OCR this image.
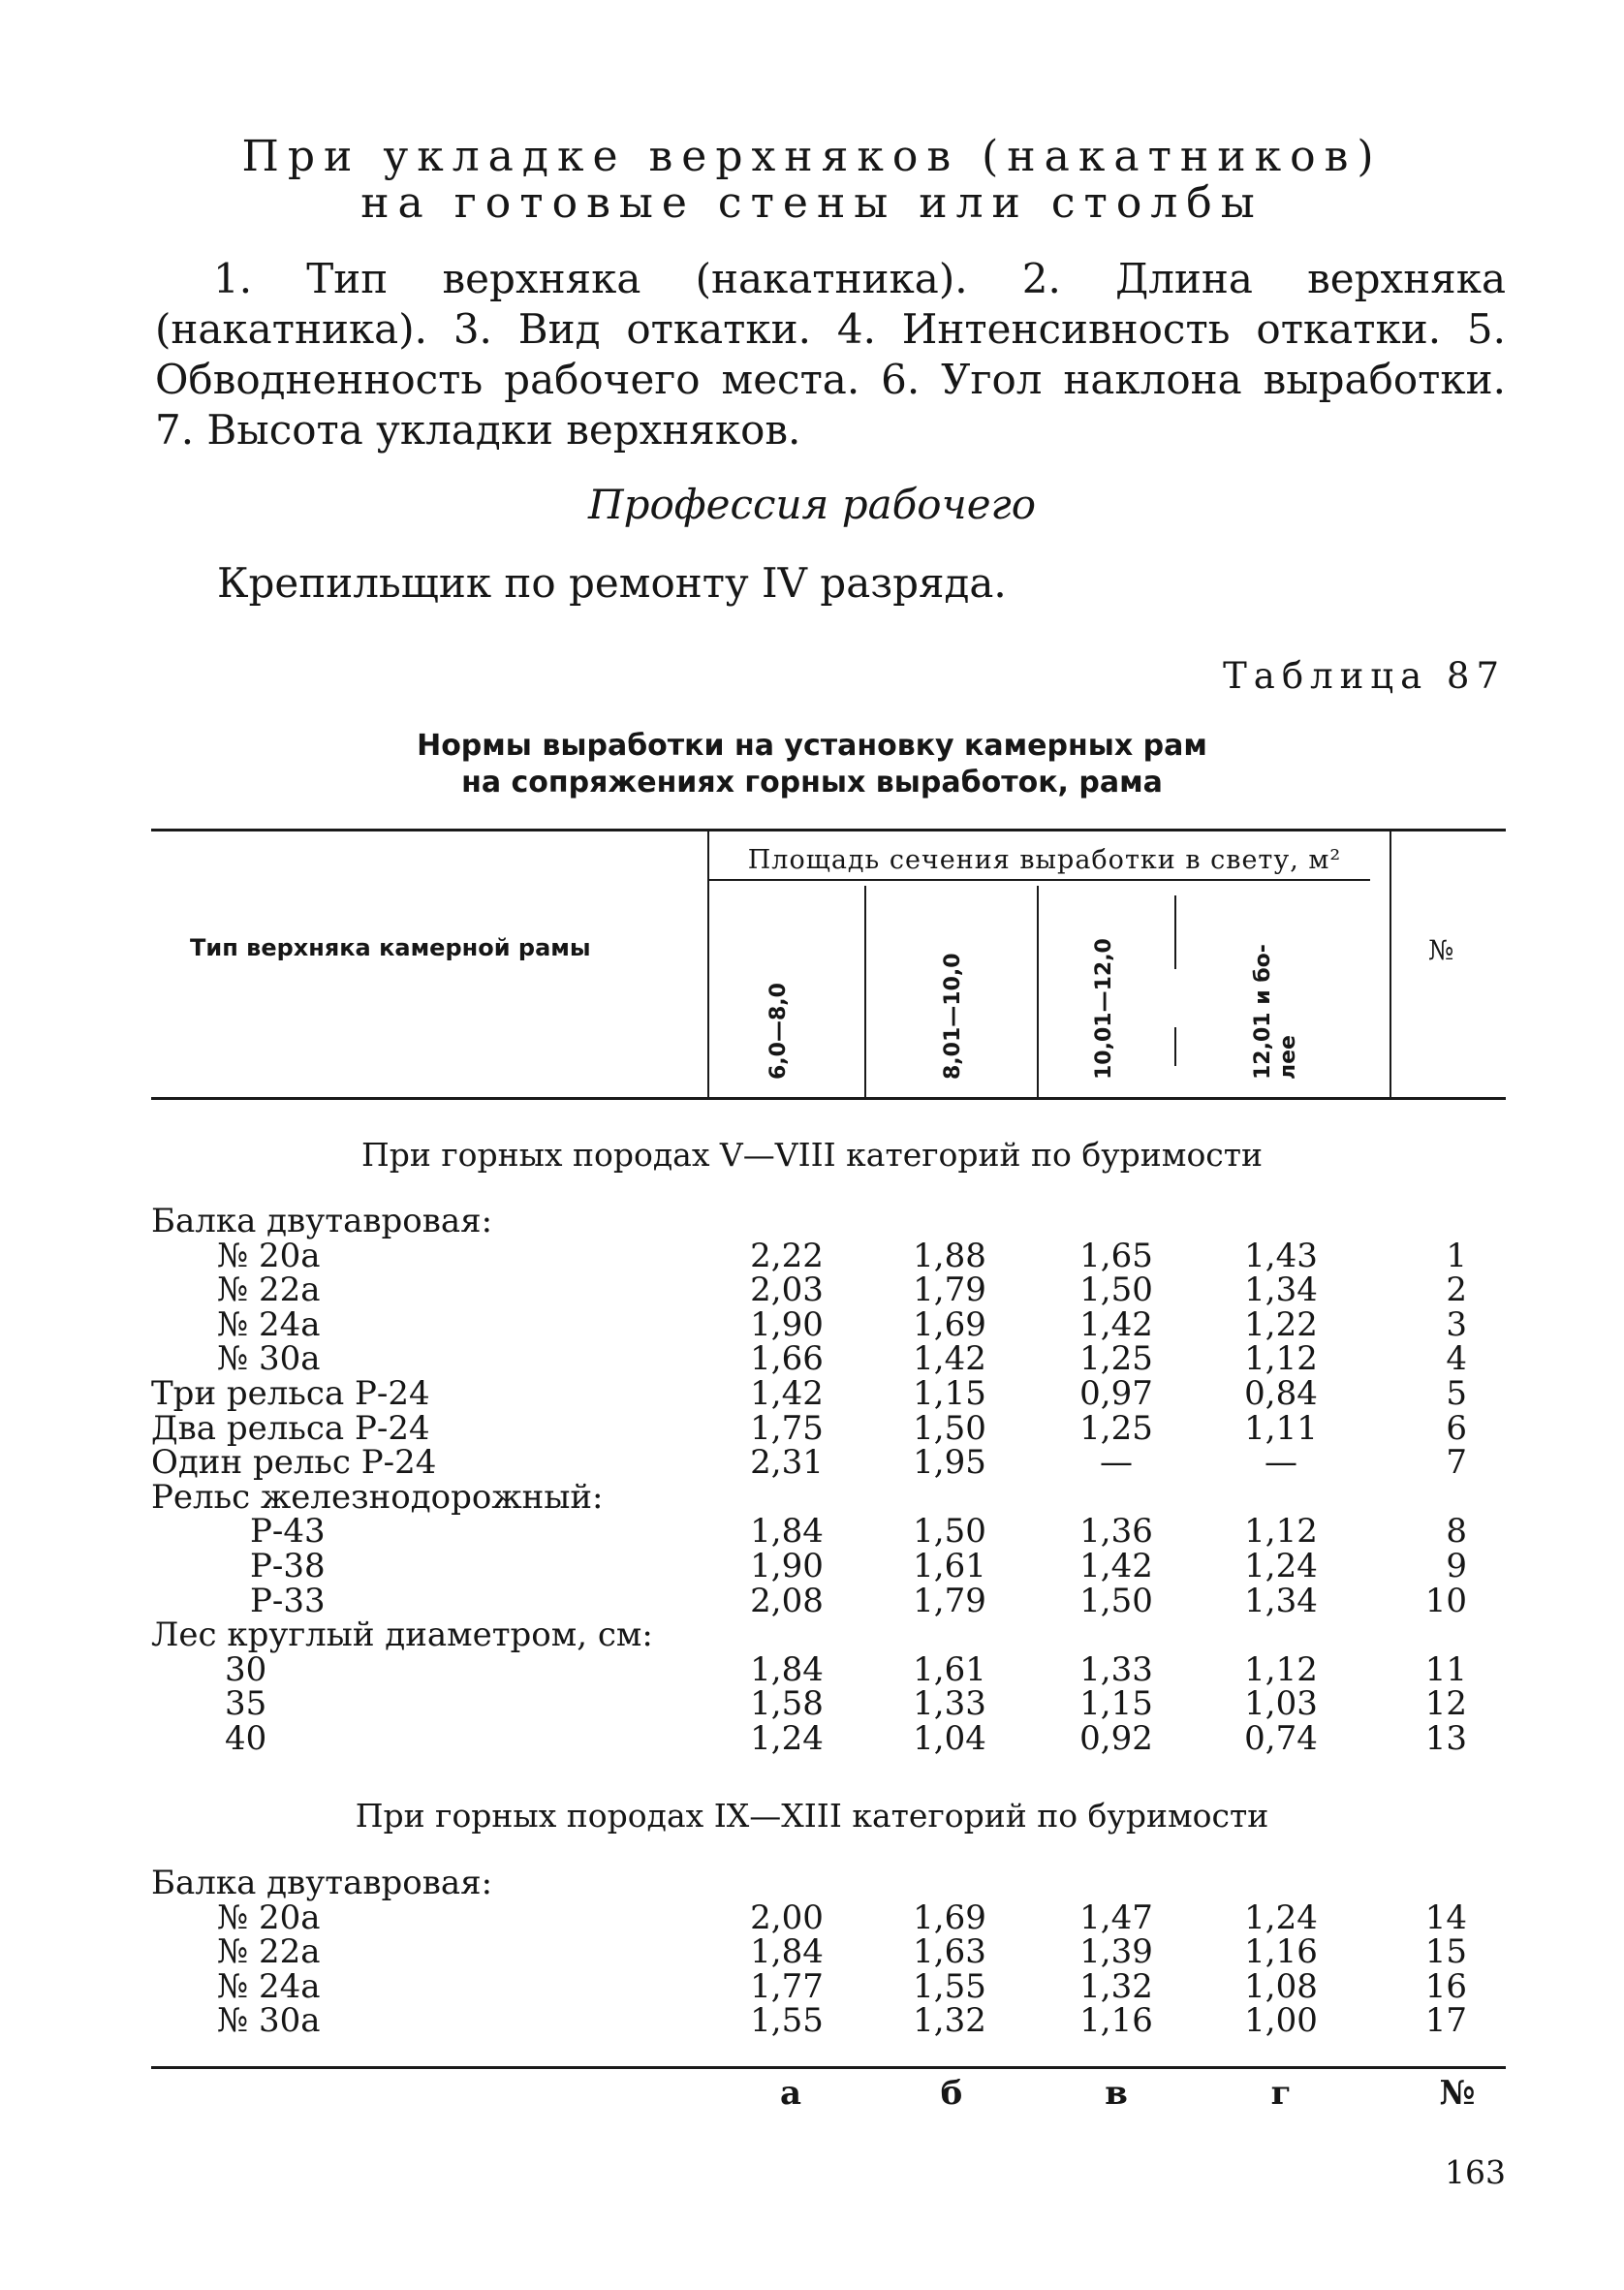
При укладке верхняков (накатников)
на готовые стены или столбы
1. Тип верхняка (накатника). 2. Длина верхняка (накатника). 3. Вид откатки. 4. Интенсивность откатки. 5. Обводненность рабочего места. 6. Угол наклона выработки. 7. Высота укладки верхняков.
Профессия рабочего
Крепильщик по ремонту IV разряда.
Таблица 87
Нормы выработки на установку камерных рам
на сопряжениях горных выработок, рама
Тип верхняка камерной рамы
Площадь сечения выработки в свету, м²
№
6,0—8,0	8,01—10,0	10,01—12,0	12,01 и бо- лее
При горных породах V—VIII категорий по буримости
Балка двутавровая:
№ 20а	2,22	1,88	1,65	1,43	1
№ 22а	2,03	1,79	1,50	1,34	2
№ 24а	1,90	1,69	1,42	1,22	3
№ 30а	1,66	1,42	1,25	1,12	4
Три рельса Р-24	1,42	1,15	0,97	0,84	5
Два рельса Р-24	1,75	1,50	1,25	1,11	6
Один рельс Р-24	2,31	1,95	—	—	7
Рельс железнодорожный:
Р-43	1,84	1,50	1,36	1,12	8
Р-38	1,90	1,61	1,42	1,24	9
Р-33	2,08	1,79	1,50	1,34	10
Лес круглый диаметром, см:
30	1,84	1,61	1,33	1,12	11
35	1,58	1,33	1,15	1,03	12
40	1,24	1,04	0,92	0,74	13
При горных породах IX—XIII категорий по буримости
Балка двутавровая:
№ 20а	2,00	1,69	1,47	1,24	14
№ 22а	1,84	1,63	1,39	1,16	15
№ 24а	1,77	1,55	1,32	1,08	16
№ 30а	1,55	1,32	1,16	1,00	17
а	б	в	г	№
163
